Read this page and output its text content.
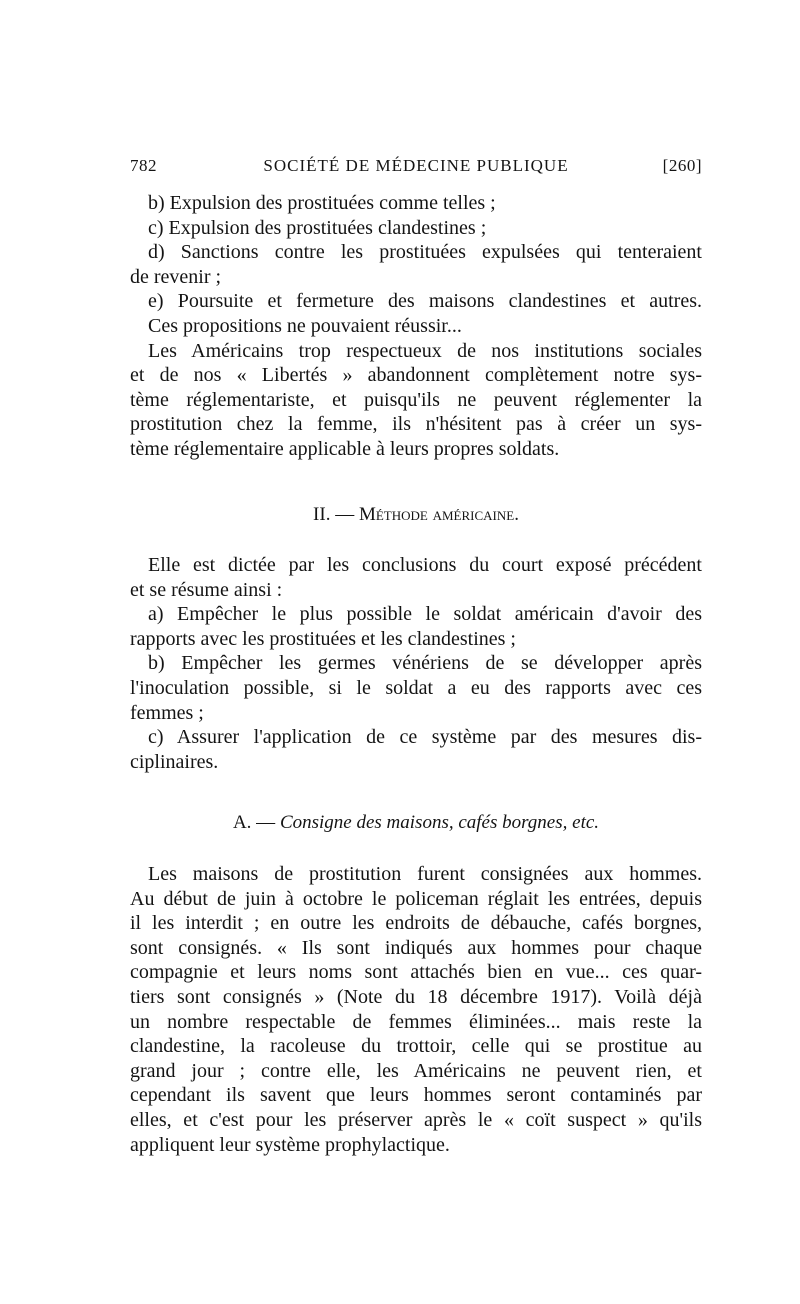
782	SOCIÉTÉ DE MÉDECINE PUBLIQUE	[260]
b) Expulsion des prostituées comme telles ;
c) Expulsion des prostituées clandestines ;
d) Sanctions contre les prostituées expulsées qui tenteraient
de revenir ;
e) Poursuite et fermeture des maisons clandestines et autres.
Ces propositions ne pouvaient réussir...
Les Américains trop respectueux de nos institutions sociales
et de nos « Libertés » abandonnent complètement notre sys-
tème réglementariste, et puisqu'ils ne peuvent réglementer la
prostitution chez la femme, ils n'hésitent pas à créer un sys-
tème réglementaire applicable à leurs propres soldats.
II. — Méthode américaine.
Elle est dictée par les conclusions du court exposé précédent
et se résume ainsi :
a) Empêcher le plus possible le soldat américain d'avoir des
rapports avec les prostituées et les clandestines ;
b) Empêcher les germes vénériens de se développer après
l'inoculation possible, si le soldat a eu des rapports avec ces
femmes ;
c) Assurer l'application de ce système par des mesures dis-
ciplinaires.
A. — Consigne des maisons, cafés borgnes, etc.
Les maisons de prostitution furent consignées aux hommes.
Au début de juin à octobre le policeman réglait les entrées, depuis
il les interdit ; en outre les endroits de débauche, cafés borgnes,
sont consignés. « Ils sont indiqués aux hommes pour chaque
compagnie et leurs noms sont attachés bien en vue... ces quar-
tiers sont consignés » (Note du 18 décembre 1917). Voilà déjà
un nombre respectable de femmes éliminées... mais reste la
clandestine, la racoleuse du trottoir, celle qui se prostitue au
grand jour ; contre elle, les Américains ne peuvent rien, et
cependant ils savent que leurs hommes seront contaminés par
elles, et c'est pour les préserver après le « coït suspect » qu'ils
appliquent leur système prophylactique.
